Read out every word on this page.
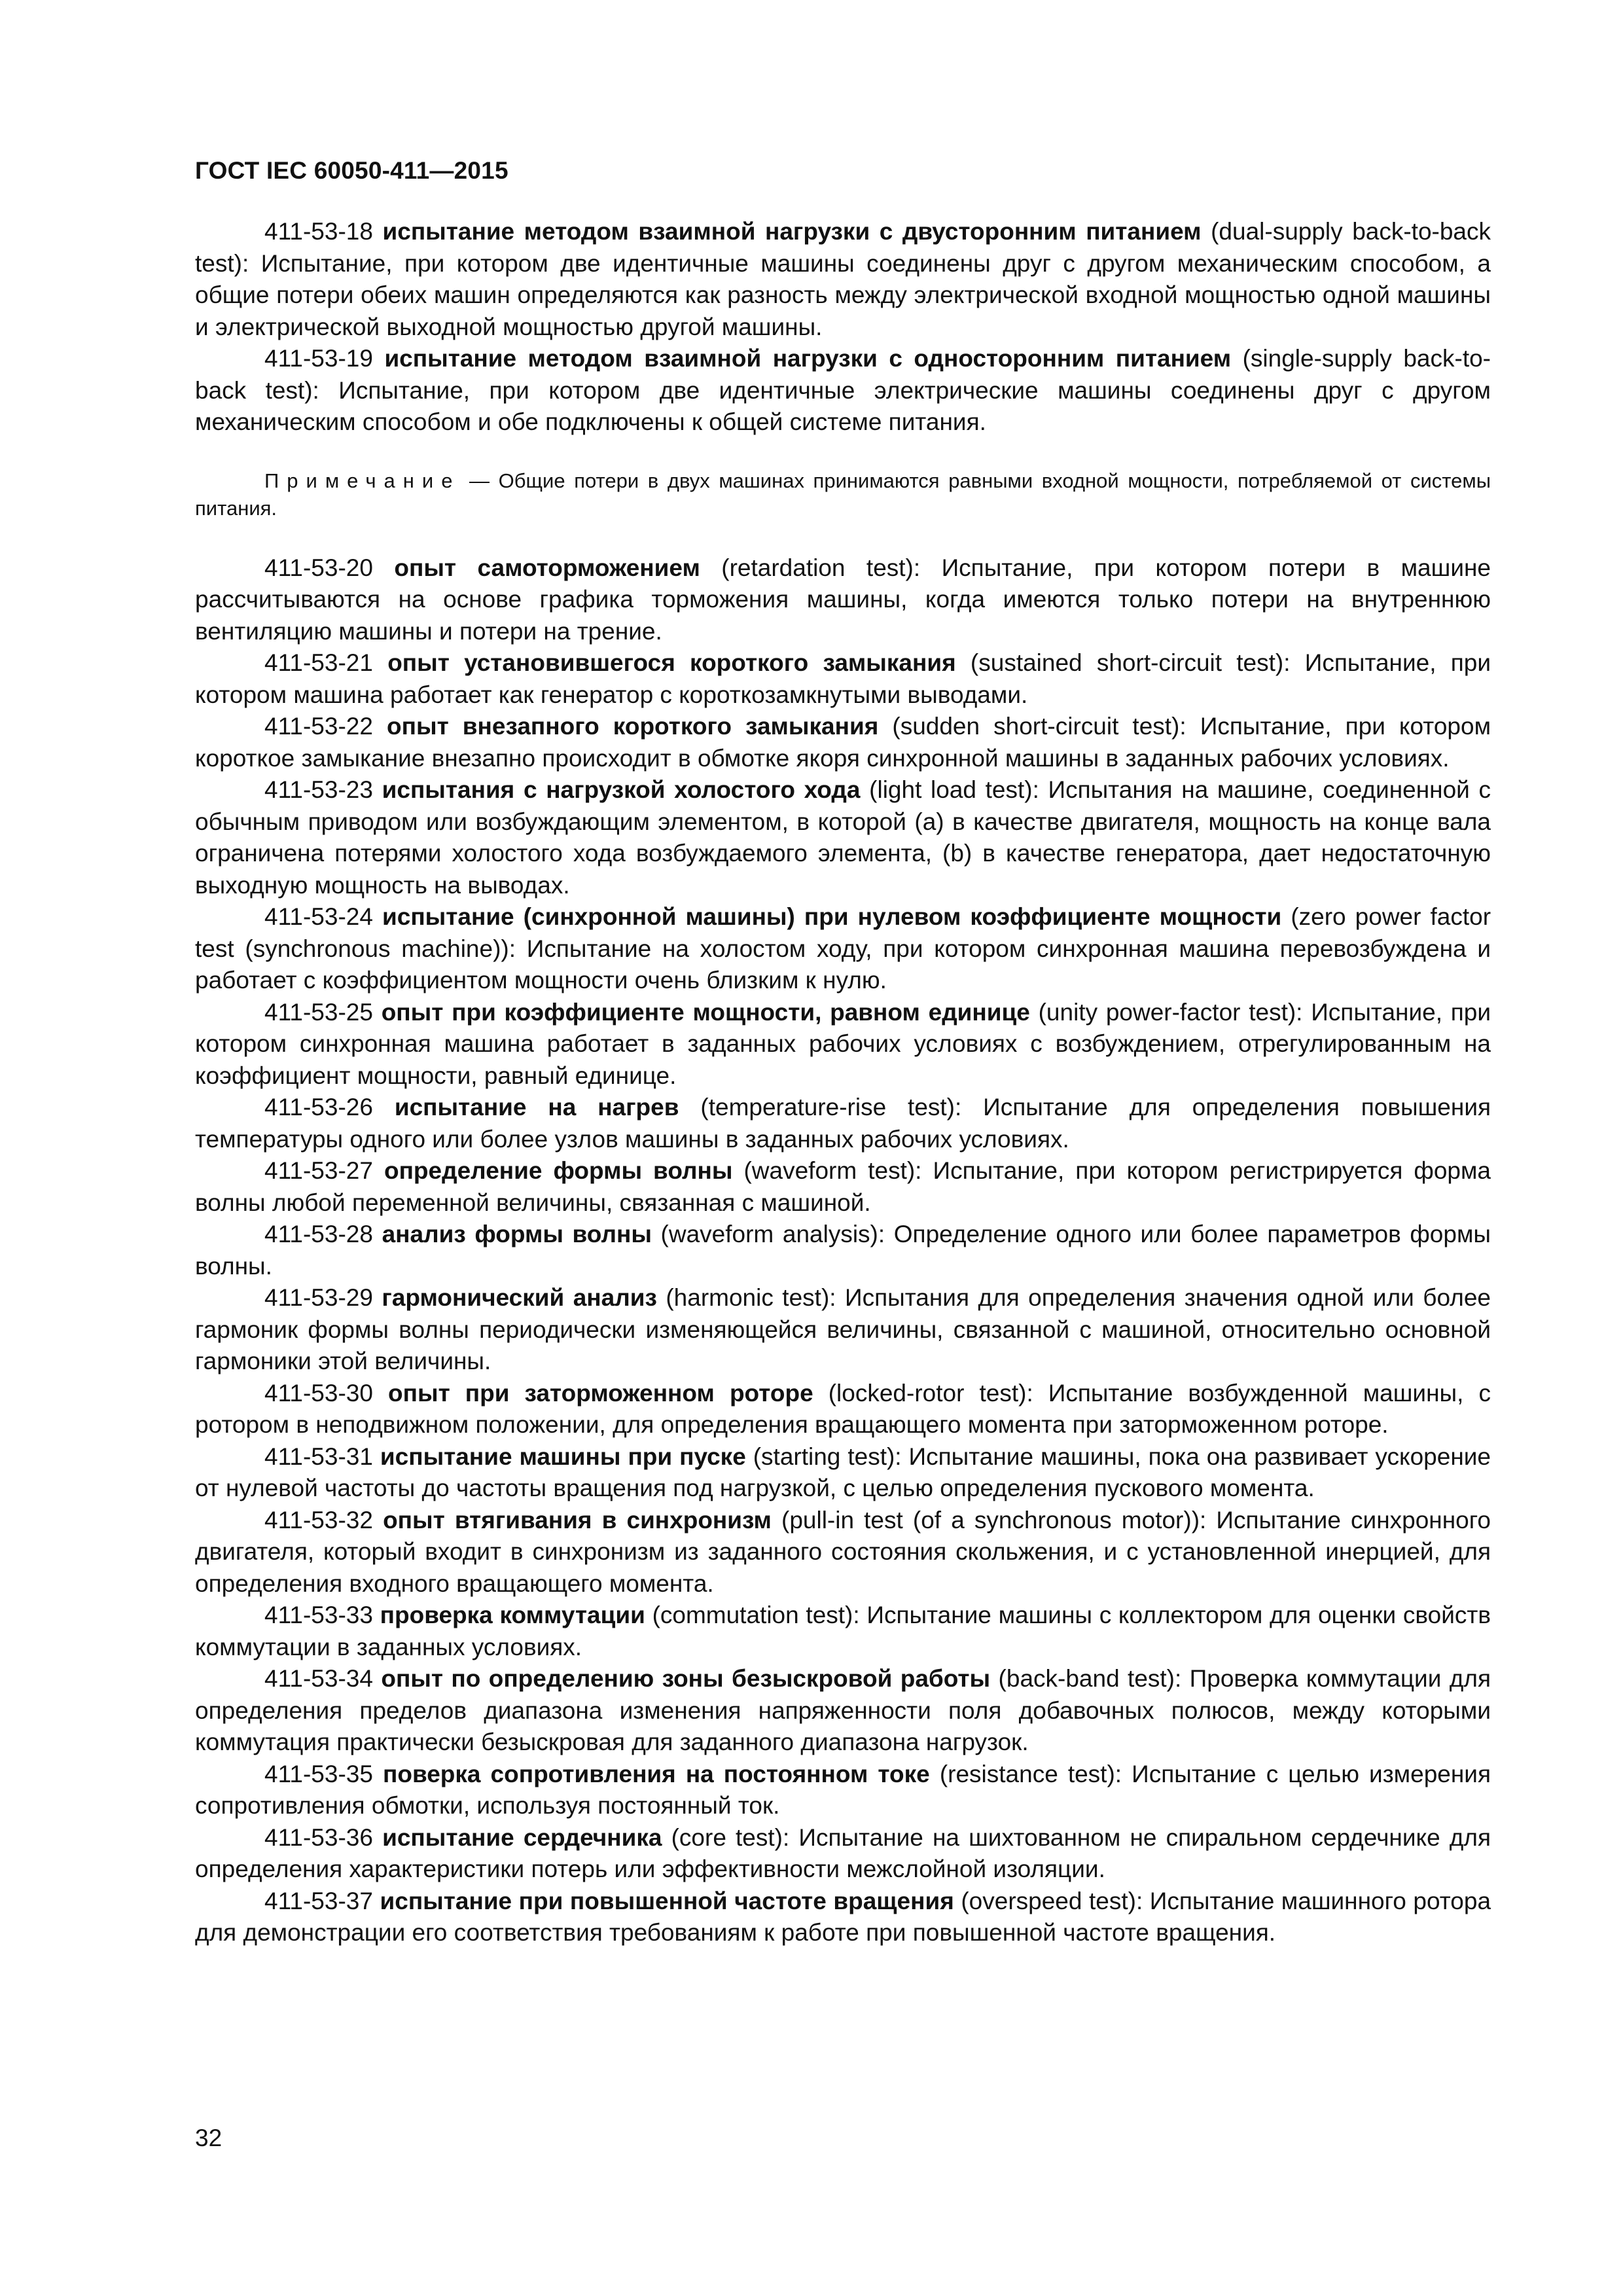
ГОСТ IEC 60050-411—2015

411-53-18 испытание методом взаимной нагрузки с двусторонним питанием (dual-supply back-to-back test): Испытание, при котором две идентичные машины соединены друг с другом механическим способом, а общие потери обеих машин определяются как разность между электрической входной мощностью одной машины и электрической выходной мощностью другой машины.

411-53-19 испытание методом взаимной нагрузки с односторонним питанием (single-supply back-to-back test): Испытание, при котором две идентичные электрические машины соединены друг с другом механическим способом и обе подключены к общей системе питания.

Примечание — Общие потери в двух машинах принимаются равными входной мощности, потребляемой от системы питания.

411-53-20 опыт самоторможением (retardation test): Испытание, при котором потери в машине рассчитываются на основе графика торможения машины, когда имеются только потери на внутреннюю вентиляцию машины и потери на трение.

411-53-21 опыт установившегося короткого замыкания (sustained short-circuit test): Испытание, при котором машина работает как генератор с короткозамкнутыми выводами.

411-53-22 опыт внезапного короткого замыкания (sudden short-circuit test): Испытание, при котором короткое замыкание внезапно происходит в обмотке якоря синхронной машины в заданных рабочих условиях.

411-53-23 испытания с нагрузкой холостого хода (light load test): Испытания на машине, соединенной с обычным приводом или возбуждающим элементом, в которой (а) в качестве двигателя, мощность на конце вала ограничена потерями холостого хода возбуждаемого элемента, (b) в качестве генератора, дает недостаточную выходную мощность на выводах.

411-53-24 испытание (синхронной машины) при нулевом коэффициенте мощности (zero power factor test (synchronous machine)): Испытание на холостом ходу, при котором синхронная машина перевозбуждена и работает с коэффициентом мощности очень близким к нулю.

411-53-25 опыт при коэффициенте мощности, равном единице (unity power-factor test): Испытание, при котором синхронная машина работает в заданных рабочих условиях с возбуждением, отрегулированным на коэффициент мощности, равный единице.

411-53-26 испытание на нагрев (temperature-rise test): Испытание для определения повышения температуры одного или более узлов машины в заданных рабочих условиях.

411-53-27 определение формы волны (waveform test): Испытание, при котором регистрируется форма волны любой переменной величины, связанная с машиной.

411-53-28 анализ формы волны (waveform analysis): Определение одного или более параметров формы волны.

411-53-29 гармонический анализ (harmonic test): Испытания для определения значения одной или более гармоник формы волны периодически изменяющейся величины, связанной с машиной, относительно основной гармоники этой величины.

411-53-30 опыт при заторможенном роторе (locked-rotor test): Испытание возбужденной машины, с ротором в неподвижном положении, для определения вращающего момента при заторможенном роторе.

411-53-31 испытание машины при пуске (starting test): Испытание машины, пока она развивает ускорение от нулевой частоты до частоты вращения под нагрузкой, с целью определения пускового момента.

411-53-32 опыт втягивания в синхронизм (pull-in test (of a synchronous motor)): Испытание синхронного двигателя, который входит в синхронизм из заданного состояния скольжения, и с установленной инерцией, для определения входного вращающего момента.

411-53-33 проверка коммутации (commutation test): Испытание машины с коллектором для оценки свойств коммутации в заданных условиях.

411-53-34 опыт по определению зоны безыскровой работы (back-band test): Проверка коммутации для определения пределов диапазона изменения напряженности поля добавочных полюсов, между которыми коммутация практически безыскровая для заданного диапазона нагрузок.

411-53-35 поверка сопротивления на постоянном токе (resistance test): Испытание с целью измерения сопротивления обмотки, используя постоянный ток.

411-53-36 испытание сердечника (core test): Испытание на шихтованном не спиральном сердечнике для определения характеристики потерь или эффективности межслойной изоляции.

411-53-37 испытание при повышенной частоте вращения (overspeed test): Испытание машинного ротора для демонстрации его соответствия требованиям к работе при повышенной частоте вращения.

32
